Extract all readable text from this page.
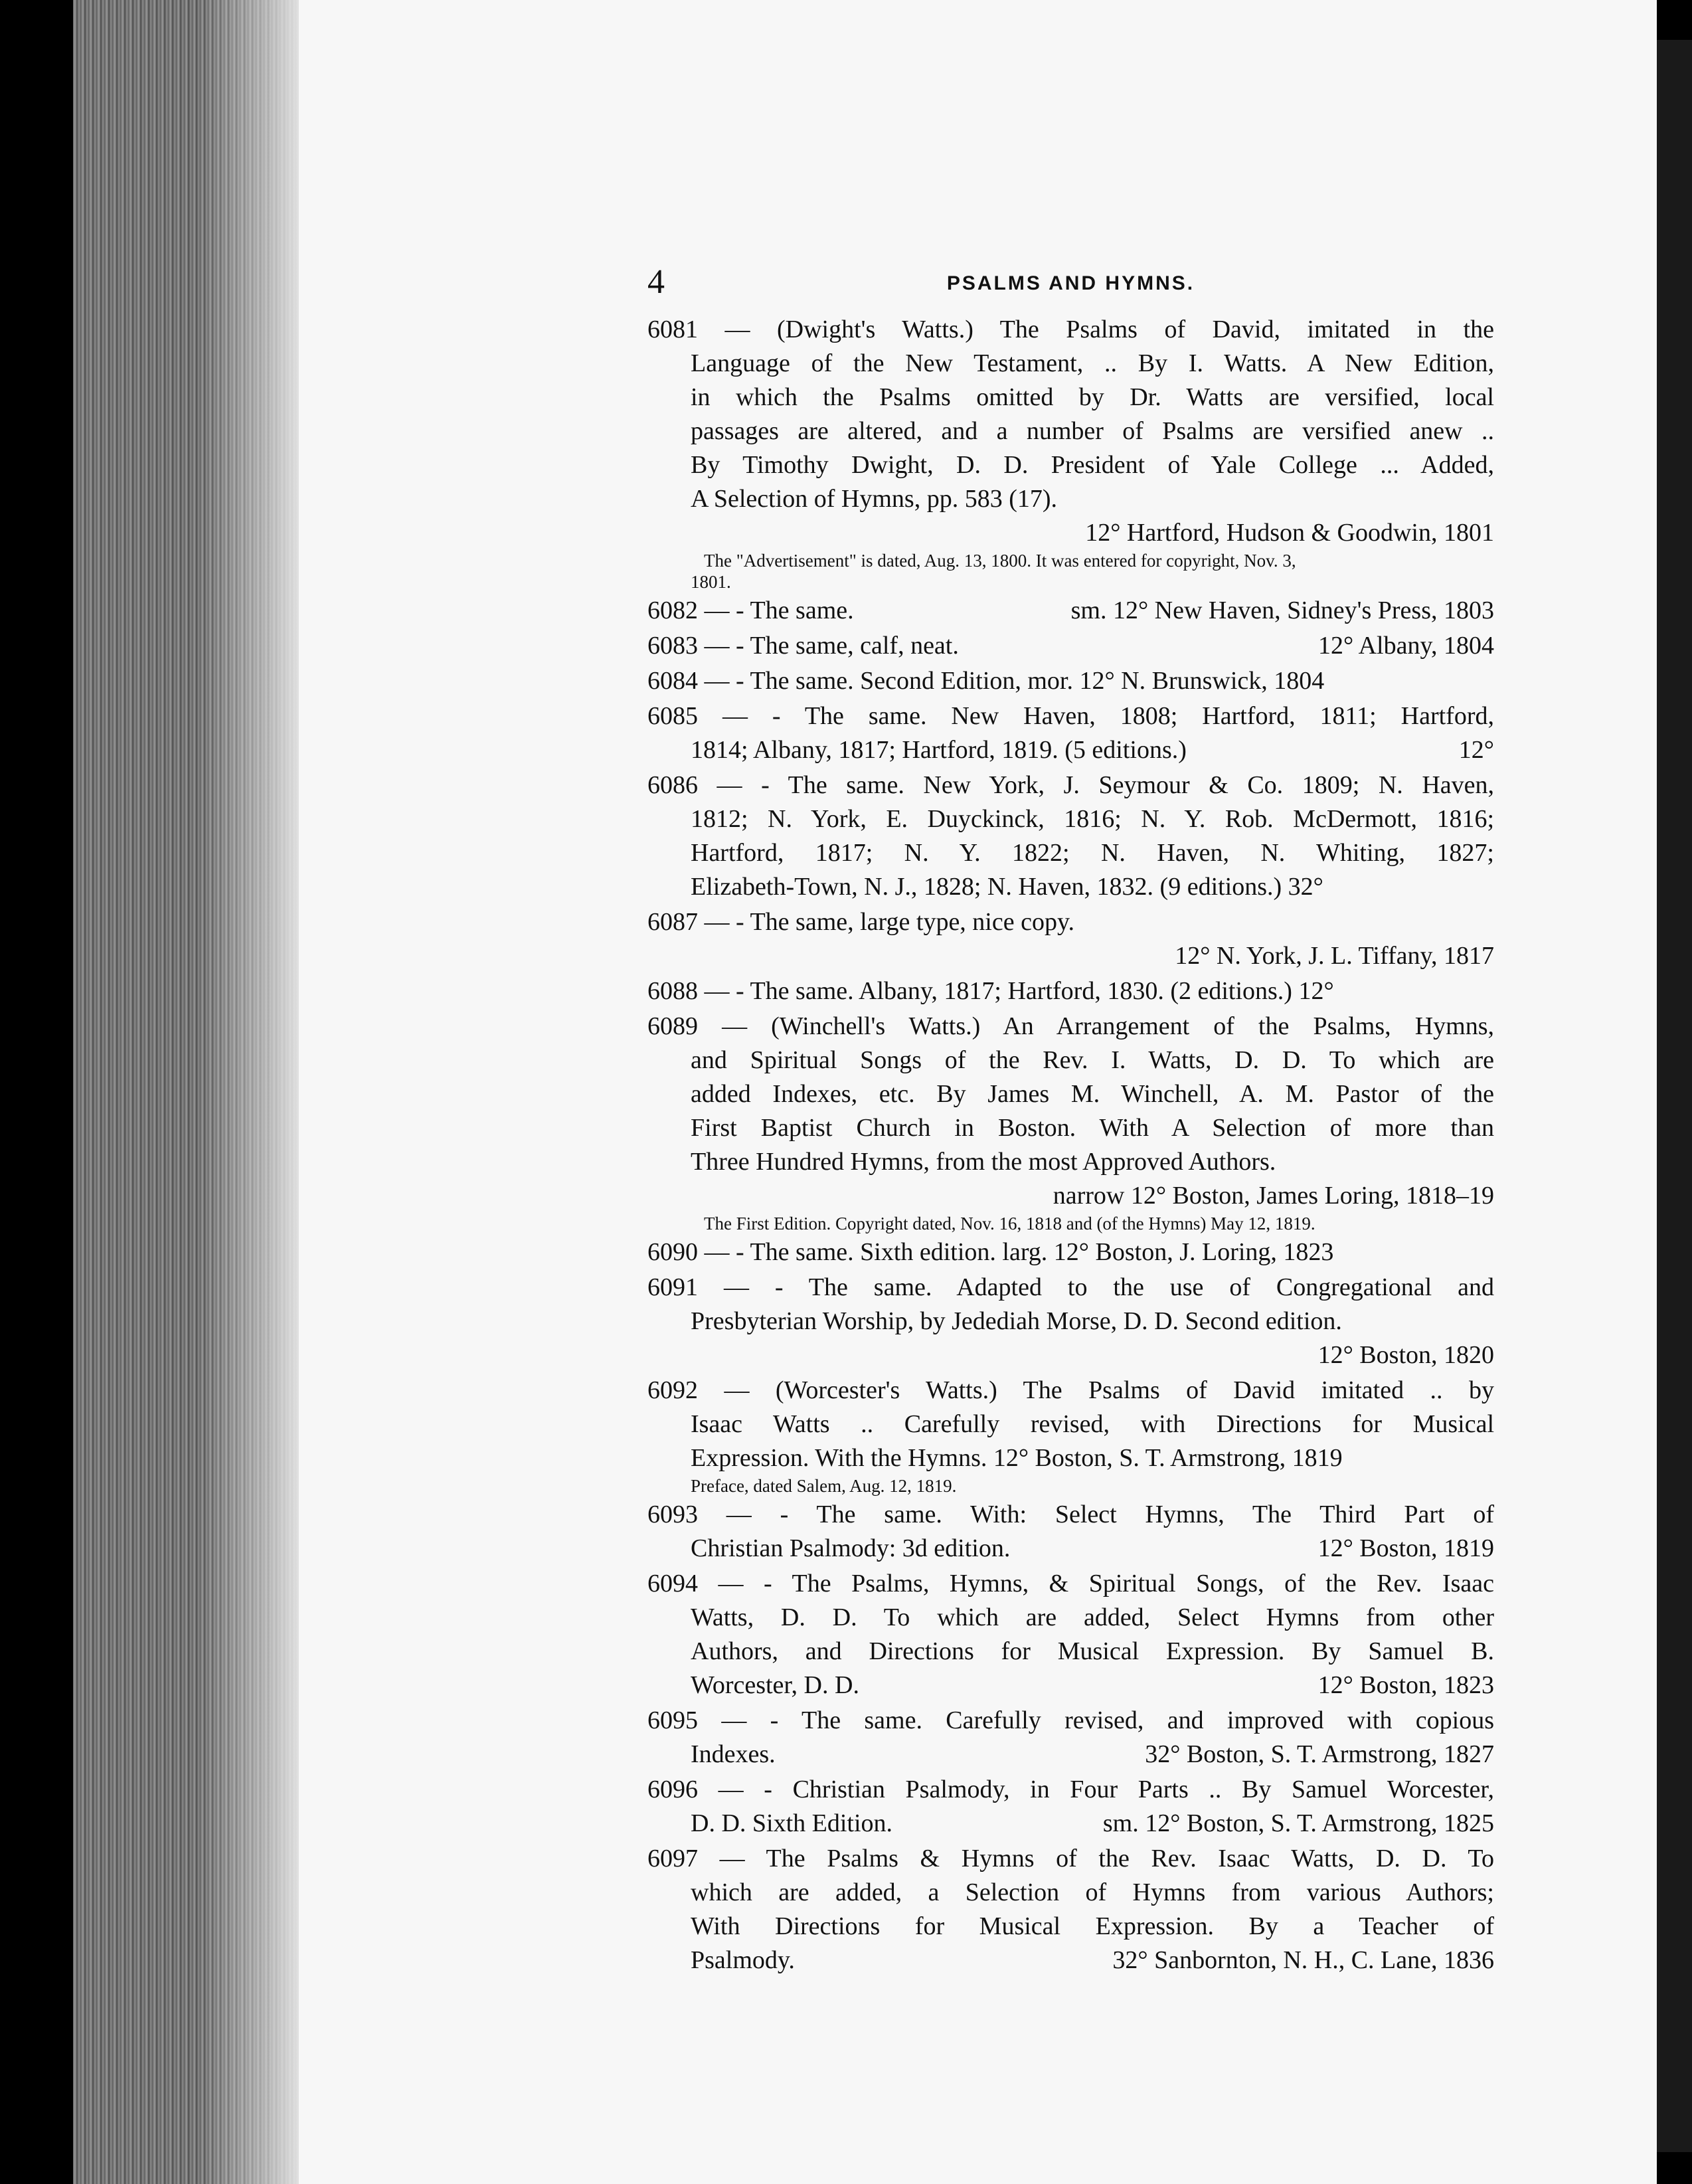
4	PSALMS AND HYMNS.
6081 — (Dwight's Watts.) The Psalms of David, imitated in the
Language of the New Testament, .. By I. Watts. A New Edition,
in which the Psalms omitted by Dr. Watts are versified, local
passages are altered, and a number of Psalms are versified anew ..
By Timothy Dwight, D. D. President of Yale College ... Added,
A Selection of Hymns, pp. 583 (17).
12° Hartford, Hudson & Goodwin, 1801
The "Advertisement" is dated, Aug. 13, 1800. It was entered for copyright, Nov. 3,
1801.
6082 — - The same.	sm. 12° New Haven, Sidney's Press, 1803
6083 — - The same, calf, neat.	12° Albany, 1804
6084 — - The same. Second Edition, mor. 12° N. Brunswick, 1804
6085 — - The same. New Haven, 1808; Hartford, 1811; Hartford,
1814; Albany, 1817; Hartford, 1819. (5 editions.)	12°
6086 — - The same. New York, J. Seymour & Co. 1809; N. Haven,
1812; N. York, E. Duyckinck, 1816; N. Y. Rob. McDermott, 1816;
Hartford, 1817; N. Y. 1822; N. Haven, N. Whiting, 1827;
Elizabeth-Town, N. J., 1828; N. Haven, 1832. (9 editions.) 32°
6087 — - The same, large type, nice copy.
12° N. York, J. L. Tiffany, 1817
6088 — - The same. Albany, 1817; Hartford, 1830. (2 editions.) 12°
6089 — (Winchell's Watts.) An Arrangement of the Psalms, Hymns,
and Spiritual Songs of the Rev. I. Watts, D. D. To which are
added Indexes, etc. By James M. Winchell, A. M. Pastor of the
First Baptist Church in Boston. With A Selection of more than
Three Hundred Hymns, from the most Approved Authors.
narrow 12° Boston, James Loring, 1818–19
The First Edition. Copyright dated, Nov. 16, 1818 and (of the Hymns) May 12, 1819.
6090 — - The same. Sixth edition. larg. 12° Boston, J. Loring, 1823
6091 — - The same. Adapted to the use of Congregational and
Presbyterian Worship, by Jedediah Morse, D. D. Second edition.
12° Boston, 1820
6092 — (Worcester's Watts.) The Psalms of David imitated .. by
Isaac Watts .. Carefully revised, with Directions for Musical
Expression. With the Hymns. 12° Boston, S. T. Armstrong, 1819
Preface, dated Salem, Aug. 12, 1819.
6093 — - The same. With: Select Hymns, The Third Part of
Christian Psalmody: 3d edition.	12° Boston, 1819
6094 — - The Psalms, Hymns, & Spiritual Songs, of the Rev. Isaac
Watts, D. D. To which are added, Select Hymns from other
Authors, and Directions for Musical Expression. By Samuel B.
Worcester, D. D.	12° Boston, 1823
6095 — - The same. Carefully revised, and improved with copious
Indexes.	32° Boston, S. T. Armstrong, 1827
6096 — - Christian Psalmody, in Four Parts .. By Samuel Worcester,
D. D. Sixth Edition.	sm. 12° Boston, S. T. Armstrong, 1825
6097 — The Psalms & Hymns of the Rev. Isaac Watts, D. D. To
which are added, a Selection of Hymns from various Authors;
With Directions for Musical Expression. By a Teacher of
Psalmody.	32° Sanbornton, N. H., C. Lane, 1836
